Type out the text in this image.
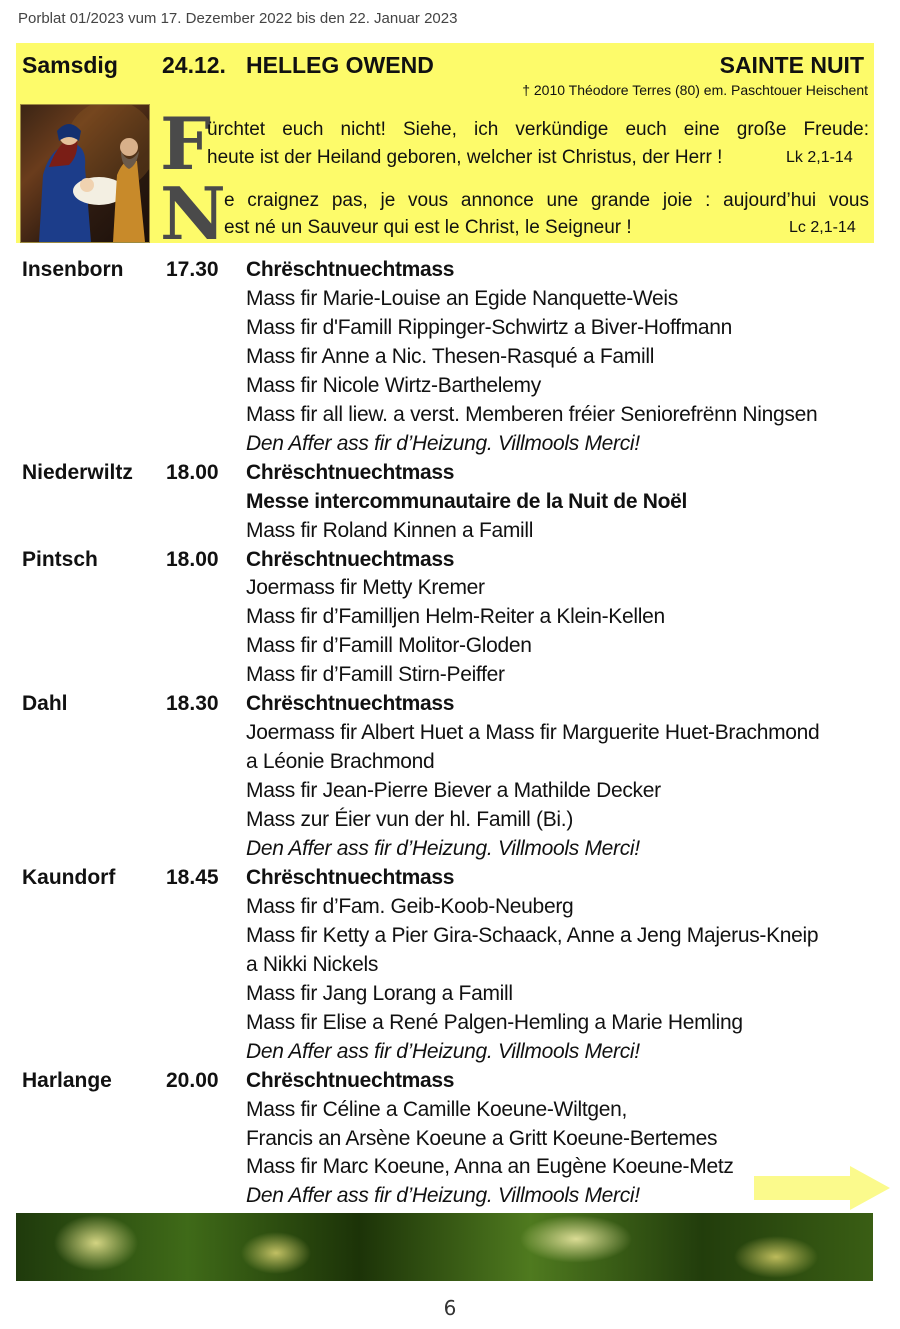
Porblat 01/2023 vum 17. Dezember 2022 bis den 22. Januar 2023
Samsdig 24.12. HELLEG OWEND	SAINTE NUIT
† 2010 Théodore Terres (80) em. Paschtouer Heischent
F
ürchtet euch nicht! Siehe, ich verkündige euch eine große Freude:
heute ist der Heiland geboren, welcher ist Christus, der Herr !	Lk 2,1-14
N
e craignez pas, je vous annonce une grande joie : aujourd’hui vous
est né un Sauveur qui est le Christ, le Seigneur !	Lc 2,1-14
Insenborn 17.30 Chrëschtnuechtmass
Mass fir Marie-Louise an Egide Nanquette-Weis
Mass fir d'Famill Rippinger-Schwirtz a Biver-Hoffmann
Mass fir Anne a Nic. Thesen-Rasqué a Famill
Mass fir Nicole Wirtz-Barthelemy
Mass fir all liew. a verst. Memberen fréier Seniorefrënn Ningsen
Den Affer ass fir d’Heizung. Villmools Merci!
Niederwiltz 18.00 Chrëschtnuechtmass
Messe intercommunautaire de la Nuit de Noël
Mass fir Roland Kinnen a Famill
Pintsch	18.00 Chrëschtnuechtmass
Joermass fir Metty Kremer
Mass fir d’Familljen Helm-Reiter a Klein-Kellen
Mass fir d’Famill Molitor-Gloden
Mass fir d’Famill Stirn-Peiffer
Dahl	18.30 Chrëschtnuechtmass
Joermass fir Albert Huet a Mass fir Marguerite Huet-Brachmond
a Léonie Brachmond
Mass fir Jean-Pierre Biever a Mathilde Decker
Mass zur Éier vun der hl. Famill (Bi.)
Den Affer ass fir d’Heizung. Villmools Merci!
Kaundorf 18.45 Chrëschtnuechtmass
Mass fir d’Fam. Geib-Koob-Neuberg
Mass fir Ketty a Pier Gira-Schaack, Anne a Jeng Majerus-Kneip
a Nikki Nickels
Mass fir Jang Lorang a Famill
Mass fir Elise a René Palgen-Hemling a Marie Hemling
Den Affer ass fir d’Heizung. Villmools Merci!
Harlange	20.00 Chrëschtnuechtmass
Mass fir Céline a Camille Koeune-Wiltgen,
Francis an Arsène Koeune a Gritt Koeune-Bertemes
Mass fir Marc Koeune, Anna an Eugène Koeune-Metz
Den Affer ass fir d’Heizung. Villmools Merci!
6
